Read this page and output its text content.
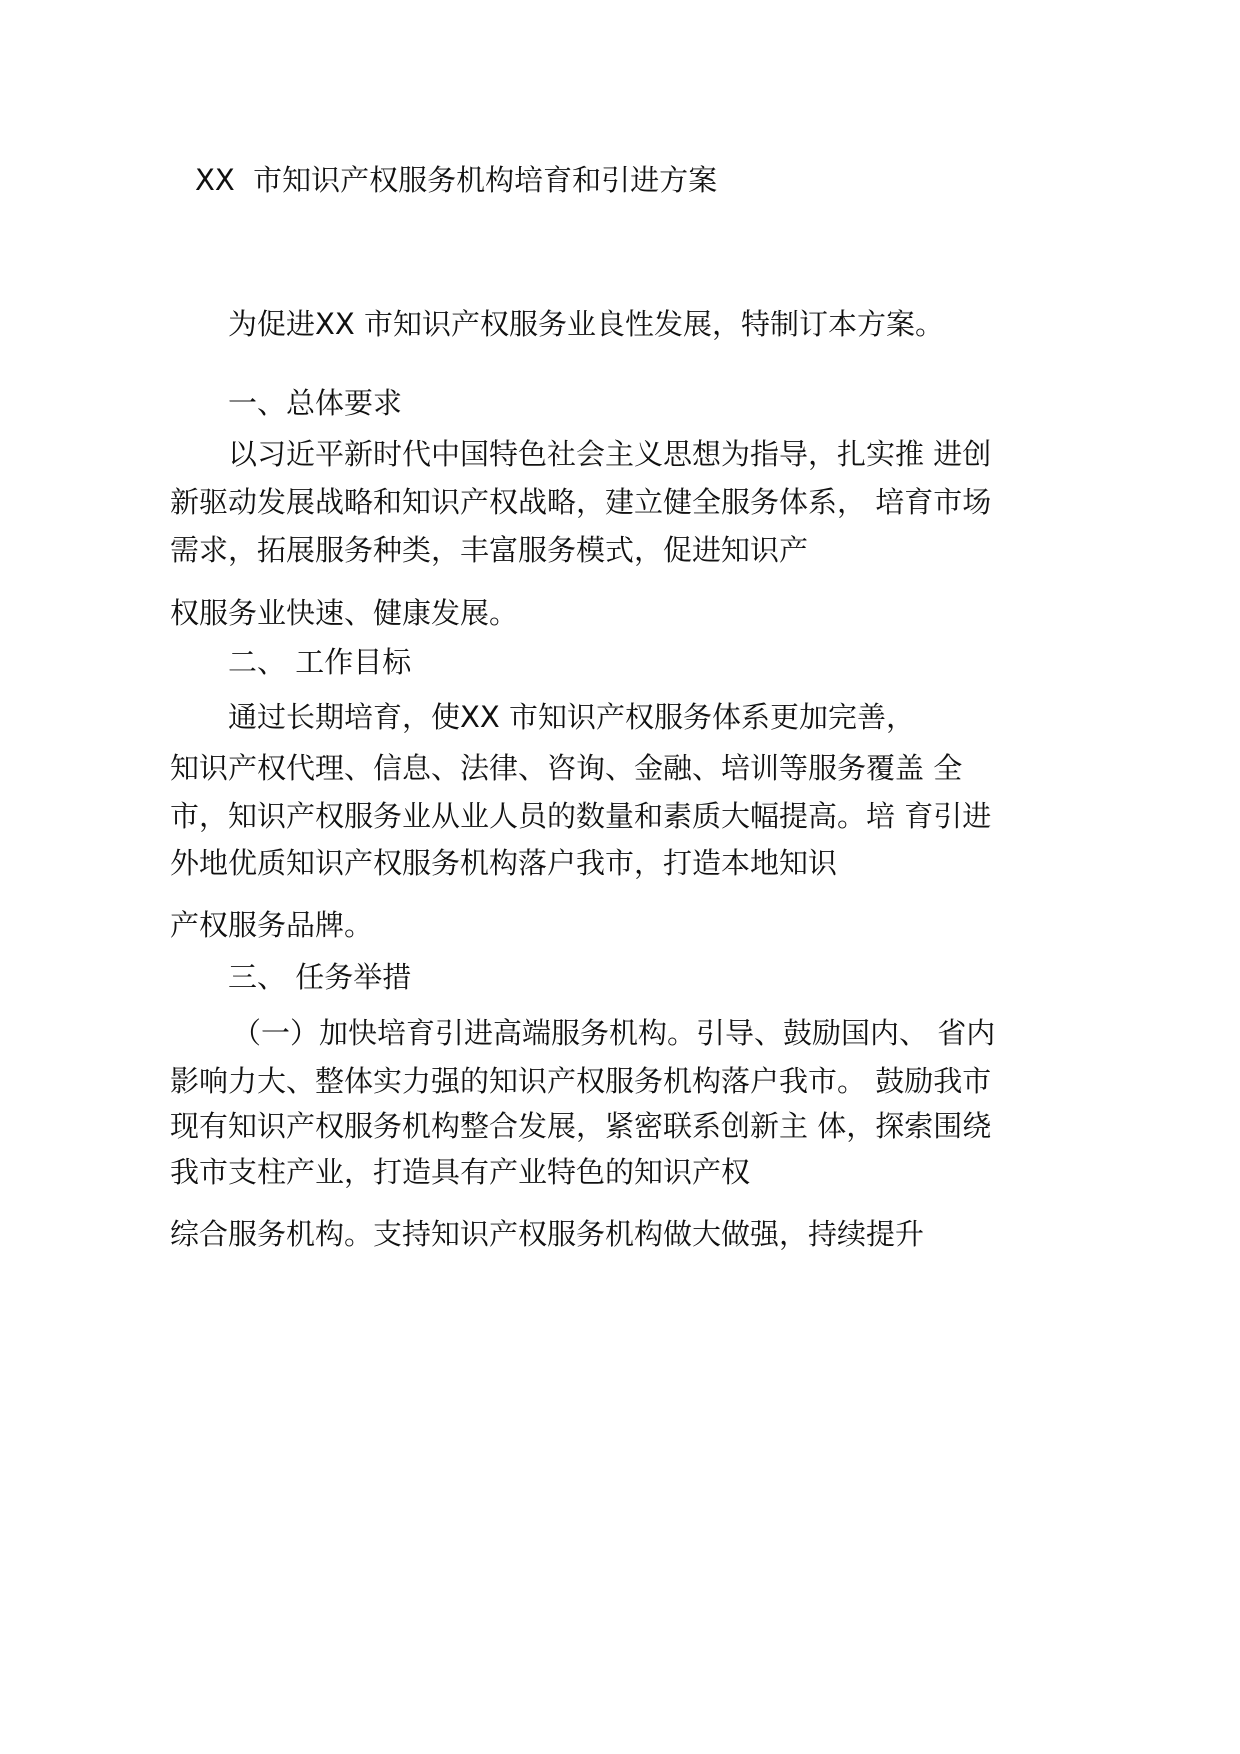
XX  市知识产权服务机构培育和引进方案
为促进XX 市知识产权服务业良性发展，特制订本方案。
一、总体要求
以习近平新时代中国特色社会主义思想为指导，扎实推 进创
新驱动发展战略和知识产权战略，建立健全服务体系， 培育市场
需求，拓展服务种类，丰富服务模式，促进知识产
权服务业快速、健康发展。
二、 工作目标
通过长期培育，使XX 市知识产权服务体系更加完善，
知识产权代理、信息、法律、咨询、金融、培训等服务覆盖 全
市，知识产权服务业从业人员的数量和素质大幅提高。培 育引进
外地优质知识产权服务机构落户我市，打造本地知识
产权服务品牌。
三、 任务举措
（一）加快培育引进高端服务机构。引导、鼓励国内、 省内
影响力大、整体实力强的知识产权服务机构落户我市。 鼓励我市
现有知识产权服务机构整合发展，紧密联系创新主 体，探索围绕
我市支柱产业，打造具有产业特色的知识产权
综合服务机构。支持知识产权服务机构做大做强，持续提升
